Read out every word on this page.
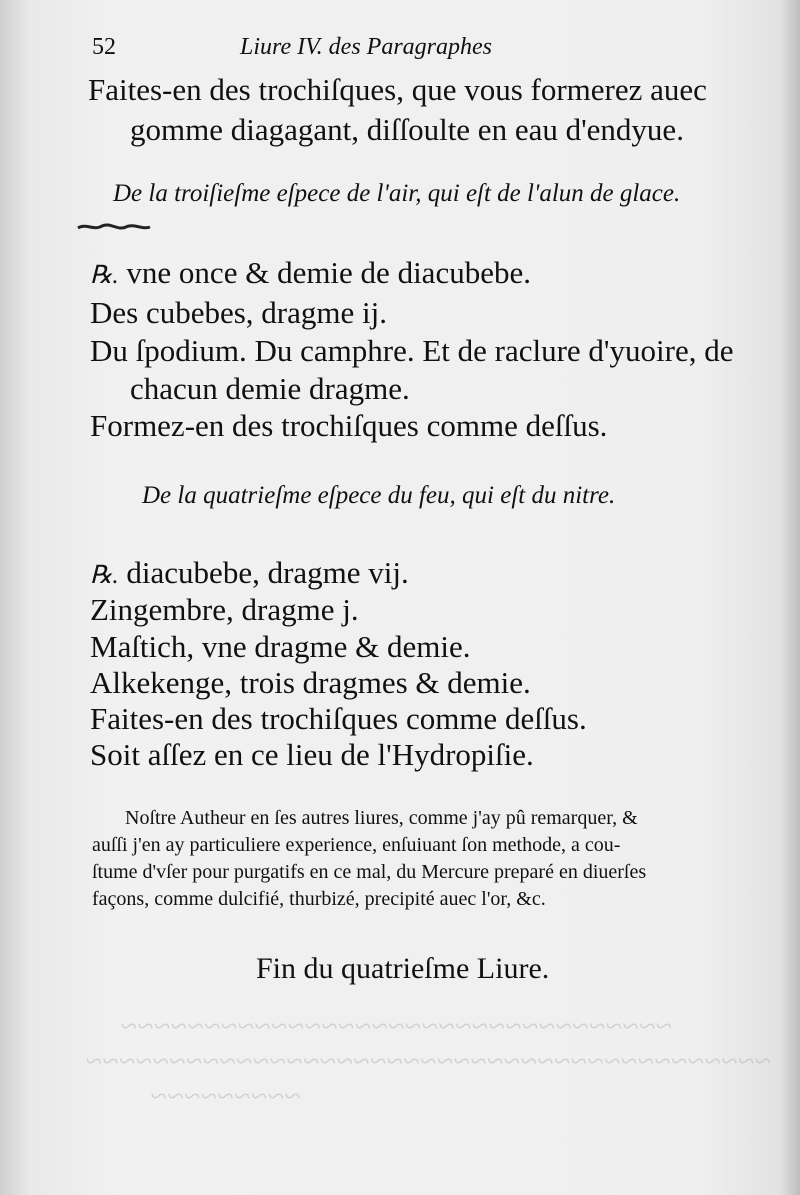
~~~~~~~~~~~~~~~~~~~~~~~~~~~~~~~~~
~~~~~~~~~~~~~~~~~~~~~~~~~~~~~~~~~~~~~~~~~
~~~~~~~~~
52	Liure IV. des Paragraphes
Faites-en des trochiſques, que vous formerez auec
gomme diagagant, diſſoulte en eau d'endyue.
De la troiſieſme eſpece de l'air, qui eſt de l'alun de glace.
℞. vne once & demie de diacubebe.
Des cubebes, dragme ij.
Du ſpodium. Du camphre. Et de raclure d'yuoire, de
chacun demie dragme.
Formez-en des trochiſques comme deſſus.
De la quatrieſme eſpece du feu, qui eſt du nitre.
℞. diacubebe, dragme vij.
Zingembre, dragme j.
Maſtich, vne dragme & demie.
Alkekenge, trois dragmes & demie.
Faites-en des trochiſques comme deſſus.
Soit aſſez en ce lieu de l'Hydropiſie.
Noſtre Autheur en ſes autres liures, comme j'ay pû remarquer, &
auſſi j'en ay particuliere experience, enſuiuant ſon methode, a cou-
ſtume d'vſer pour purgatifs en ce mal, du Mercure preparé en diuerſes
façons, comme dulcifié, thurbizé, precipité auec l'or, &c.
Fin du quatrieſme Liure.
